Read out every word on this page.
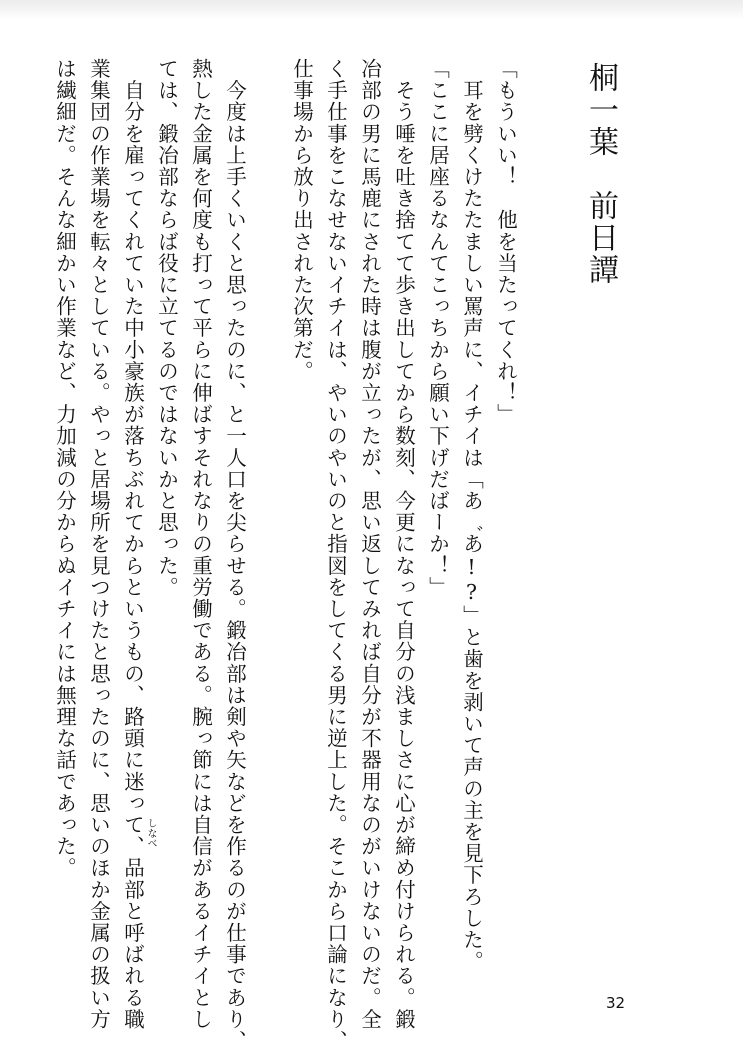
桐一葉　前日譚
「もういい！　他を当たってくれ！」
　耳を劈くけたたましい罵声に、イチイは「あ゛あ!?」と歯を剥いて声の主を見下ろした。
「ここに居座るなんてこっちから願い下げだばーか！」
　そう唾を吐き捨てて歩き出してから数刻、今更になって自分の浅ましさに心が締め付けられる。鍛
冶部の男に馬鹿にされた時は腹が立ったが、思い返してみれば自分が不器用なのがいけないのだ。全
く手仕事をこなせないイチイは、やいのやいのと指図をしてくる男に逆上した。そこから口論になり、
仕事場から放り出された次第だ。
　今度は上手くいくと思ったのに、と一人口を尖らせる。鍛冶部は剣や矢などを作るのが仕事であり、
熱した金属を何度も打って平らに伸ばすそれなりの重労働である。腕っ節には自信があるイチイとし
ては、鍛冶部ならば役に立てるのではないかと思った。
　自分を雇ってくれていた中小豪族が落ちぶれてからというもの、路頭に迷って、品部と呼ばれる職
業集団の作業場を転々としている。やっと居場所を見つけたと思ったのに、思いのほか金属の扱い方
は繊細だ。そんな細かい作業など、力加減の分からぬイチイには無理な話であった。	しなべ
32
